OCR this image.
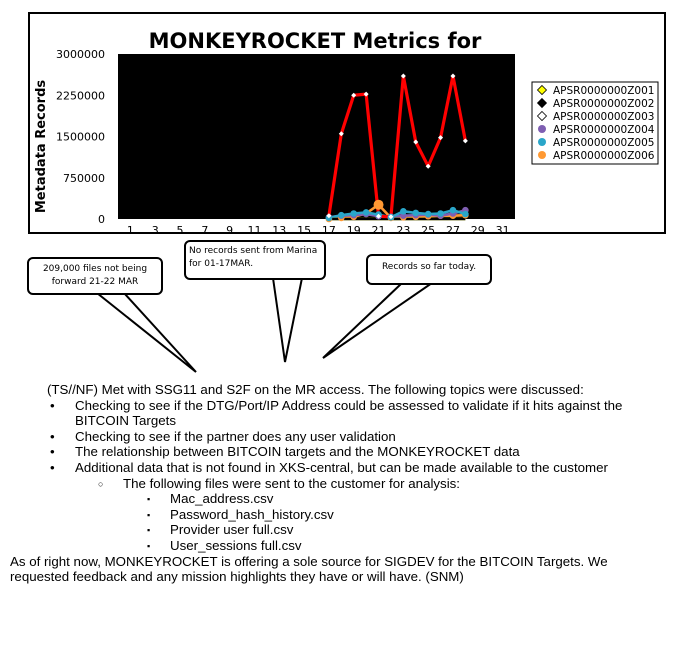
3000000
2250000
1500000
750000
0
1 3 5 7 9 11 13 15 17 19 21 23 25 27 29 31
Metadata Records	APSR0000000Z001
APSR0000000Z002
APSR0000000Z003
APSR0000000Z004
APSR0000000Z005
APSR0000000Z006
MONKEYROCKET Metrics for March 2013
209,000 files not being forward 21-22 MAR
No records sent from Marina for 01-17MAR.	Records so far today.

(TS//NF) Met with SSG11 and S2F on the MR access. The following topics were discussed:

• Checking to see if the DTG/Port/IP Address could be assessed to validate if it hits against the BITCOIN Targets
• Checking to see if the partner does any user validation
• The relationship between BITCOIN targets and the MONKEYROCKET data
• Additional data that is not found in XKS-central, but can be made available to the customer
○ The following files were sent to the customer for analysis:
▪ Mac_address.csv
▪ Password_hash_history.csv
▪ Provider user full.csv
▪ User_sessions full.csv

As of right now, MONKEYROCKET is offering a sole source for SIGDEV for the BITCOIN Targets. We requested feedback and any mission highlights they have or will have. (SNM)
